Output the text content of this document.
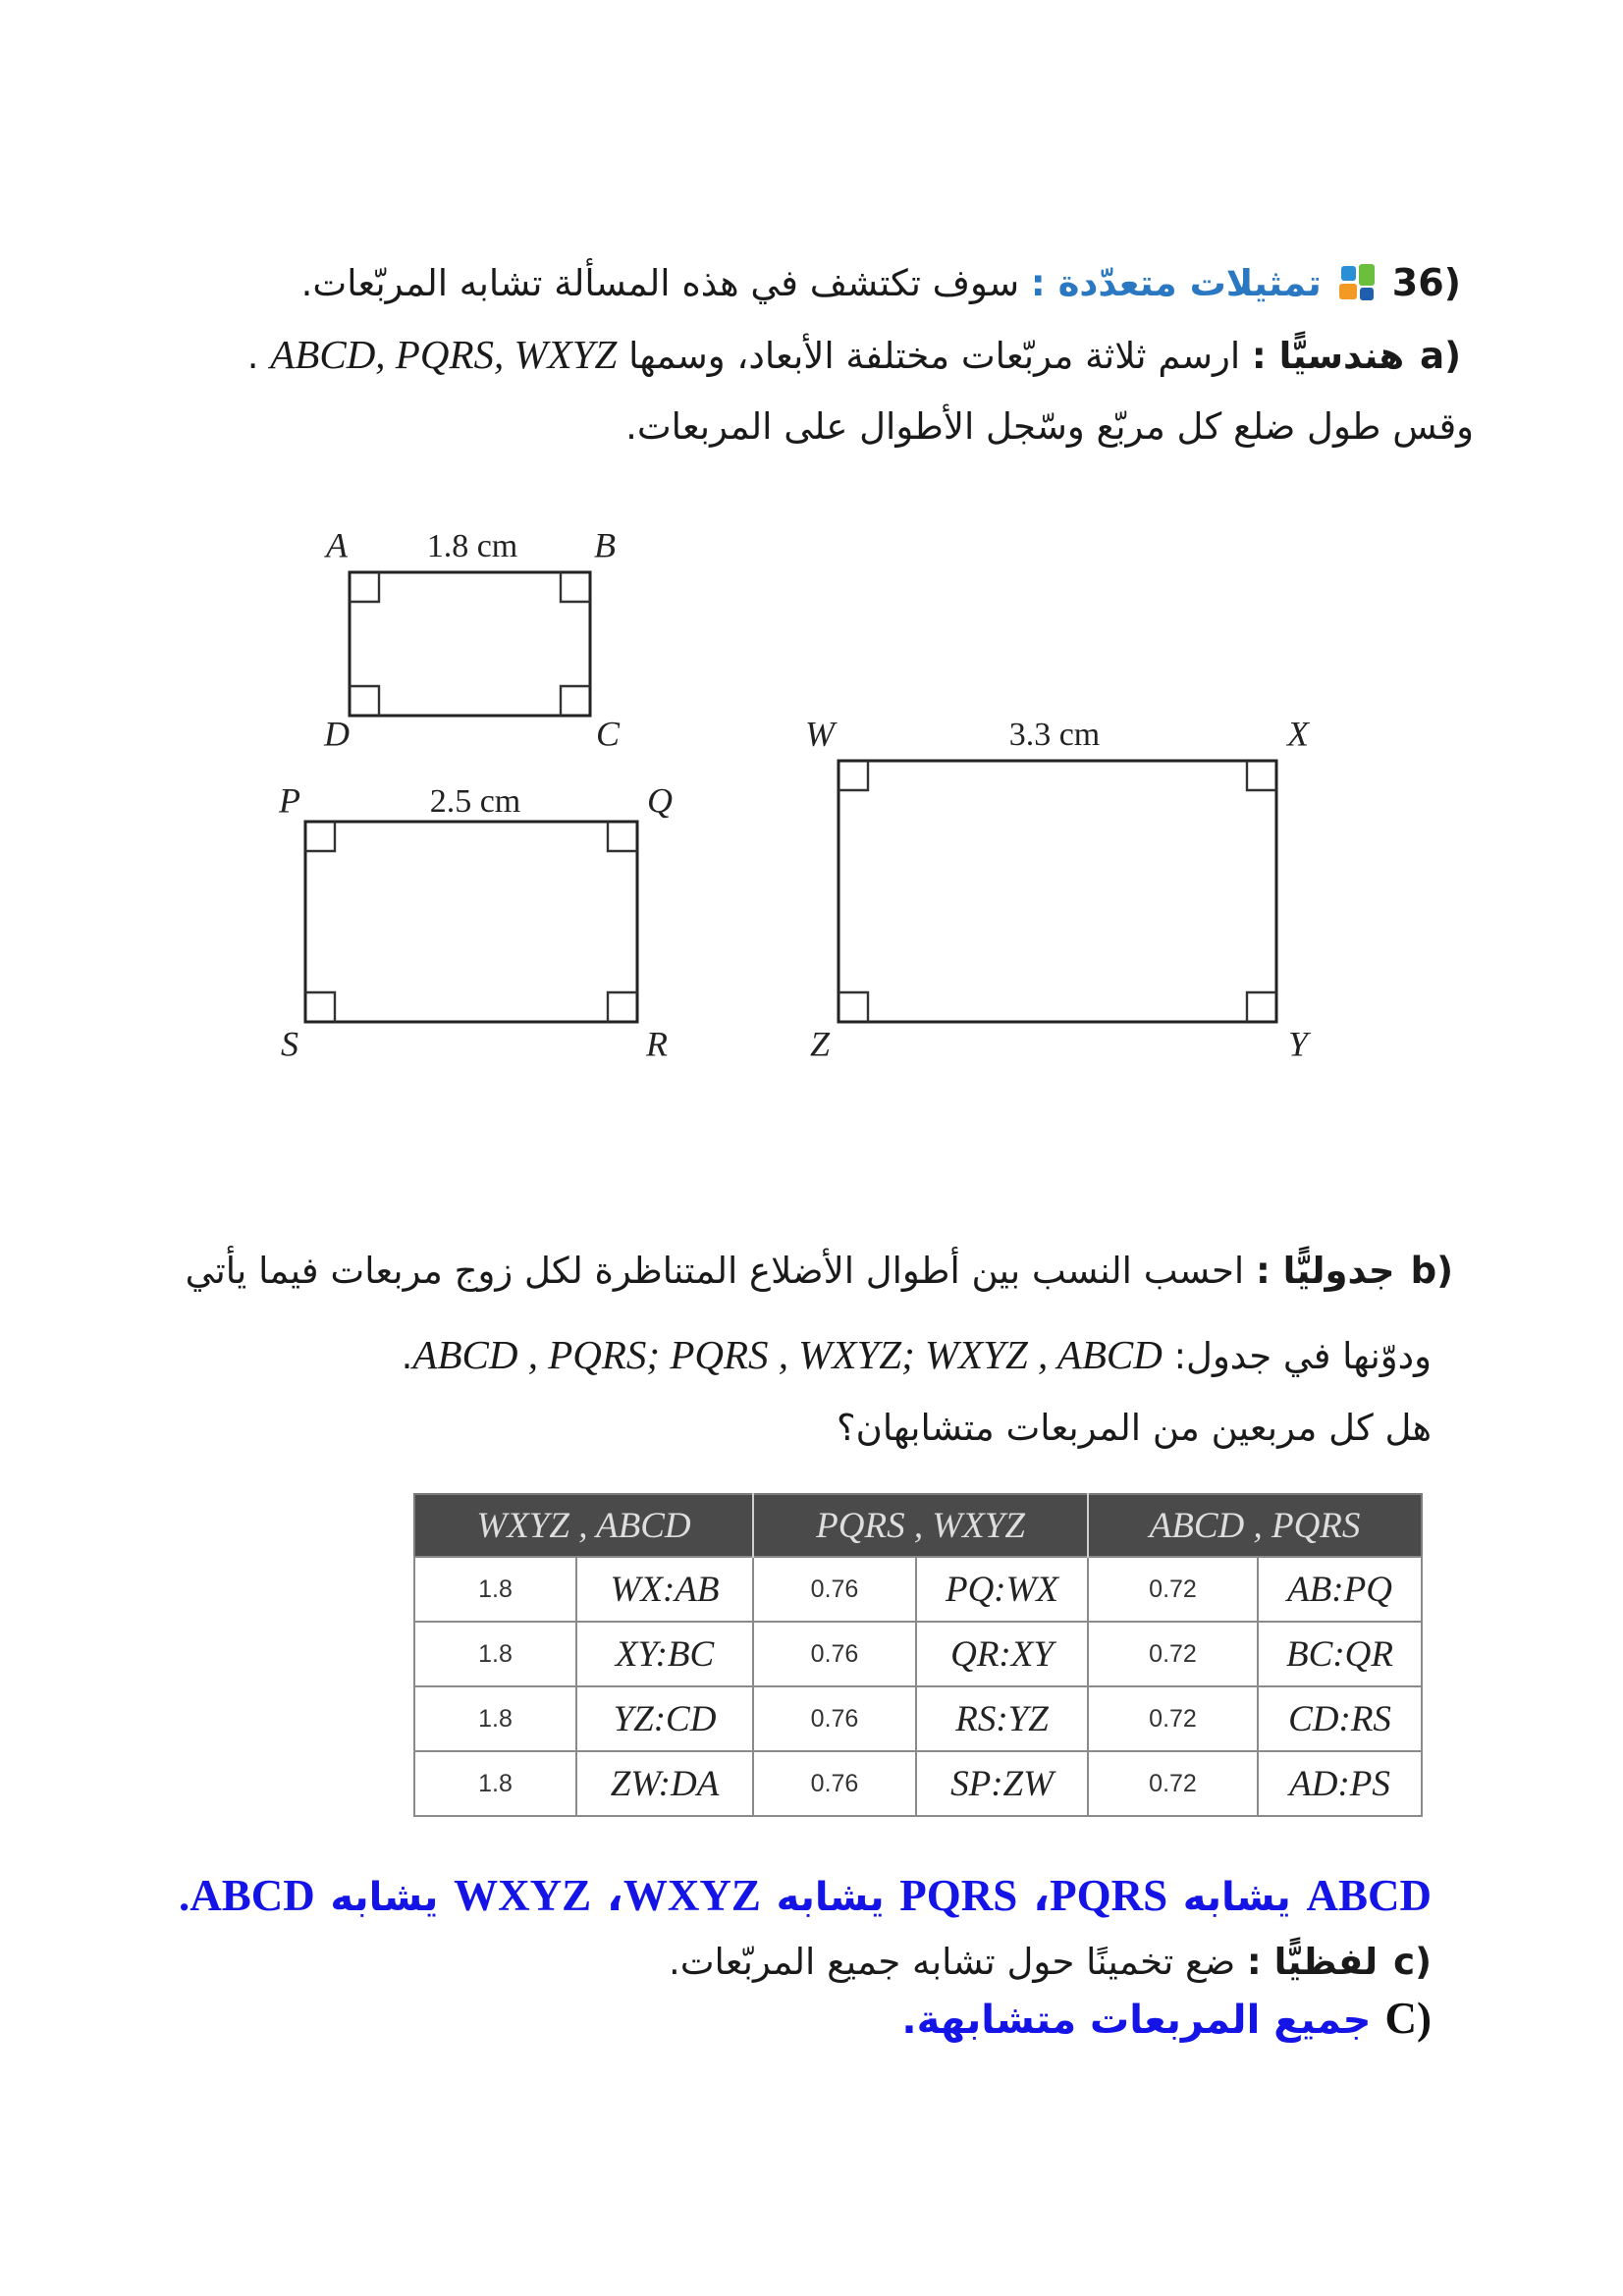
36)
تمثيلات متعدّدة : سوف تكتشف في هذه المسألة تشابه المربّعات.
a)هندسيًّا : ارسم ثلاثة مربّعات مختلفة الأبعاد، وسمها ABCD, PQRS, WXYZ .
وقس طول ضلع كل مربّع وسّجل الأطوال على المربعات.
A 1.8 cm B
D	C
P	2.5 cm	Q
S	R
W	3.3 cm	X
Z	Y
b)جدوليًّا : احسب النسب بين أطوال الأضلاع المتناظرة لكل زوج مربعات فيما يأتي
ودوّنها في جدول: ABCD , PQRS; PQRS , WXYZ; WXYZ , ABCD.
هل كل مربعين من المربعات متشابهان؟
WXYZ , ABCD		PQRS , WXYZ		ABCD , PQRS	
1.8	WX:AB	0.76	PQ:WX	0.72	AB:PQ
1.8	XY:BC	0.76	QR:XY	0.72	BC:QR
1.8	YZ:CD	0.76	RS:YZ	0.72	CD:RS
1.8	ZW:DA	0.76	SP:ZW	0.72	AD:PS
ABCD يشابه PQRS، PQRS يشابه WXYZ، WXYZ يشابه ABCD.
c)لفظيًّا : ضع تخمينًا حول تشابه جميع المربّعات.
C)جميع المربعات متشابهة.
